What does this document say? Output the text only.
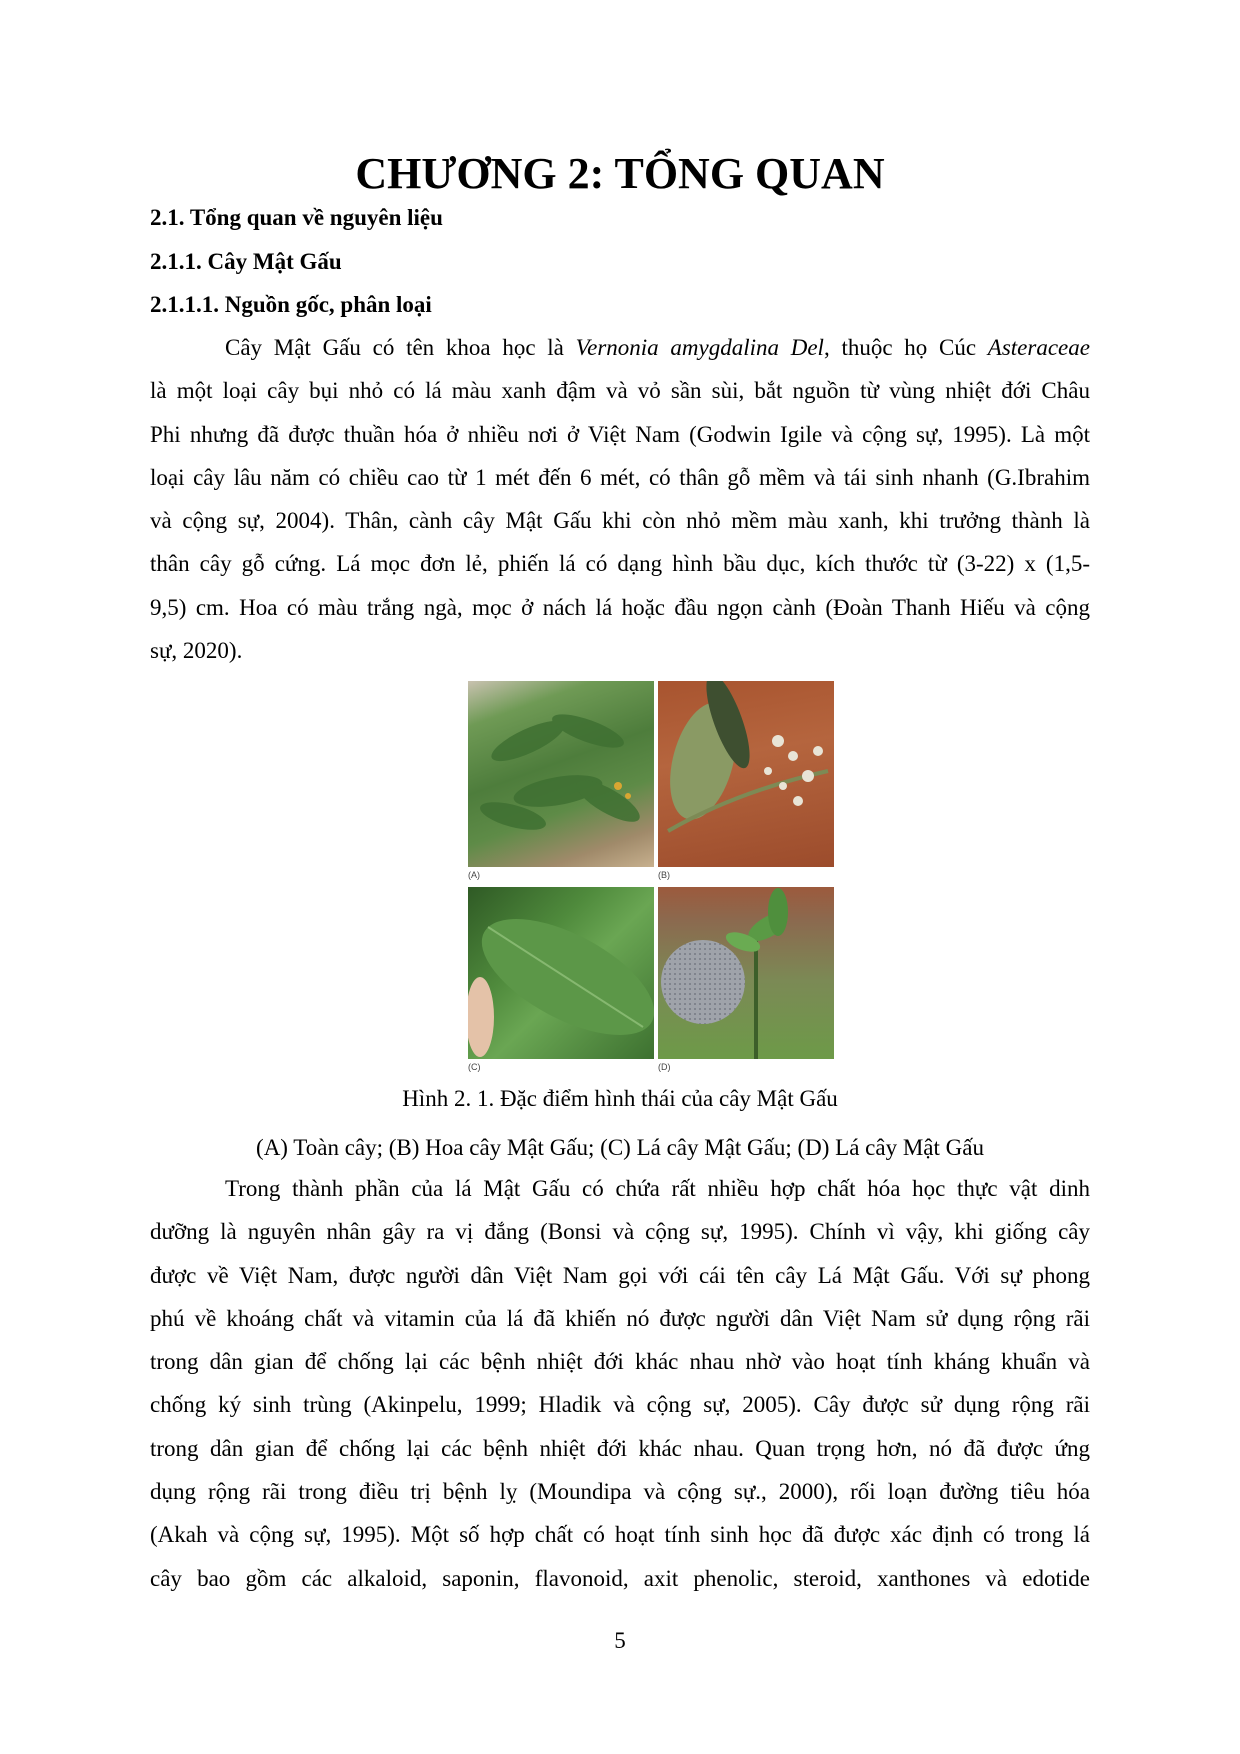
CHƯƠNG 2: TỔNG QUAN
2.1. Tổng quan về nguyên liệu
2.1.1. Cây Mật Gấu
2.1.1.1. Nguồn gốc, phân loại
Cây Mật Gấu có tên khoa học là Vernonia amygdalina Del, thuộc họ Cúc Asteraceae
là một loại cây bụi nhỏ có lá màu xanh đậm và vỏ sần sùi, bắt nguồn từ vùng nhiệt đới Châu
Phi nhưng đã được thuần hóa ở nhiều nơi ở Việt Nam (Godwin Igile và cộng sự, 1995). Là một
loại cây lâu năm có chiều cao từ 1 mét đến 6 mét, có thân gỗ mềm và tái sinh nhanh (G.Ibrahim
và cộng sự, 2004). Thân, cành cây Mật Gấu khi còn nhỏ mềm màu xanh, khi trưởng thành là
thân cây gỗ cứng. Lá mọc đơn lẻ, phiến lá có dạng hình bầu dục, kích thước từ (3-22) x (1,5-
9,5) cm. Hoa có màu trắng ngà, mọc ở nách lá hoặc đầu ngọn cành (Đoàn Thanh Hiếu và cộng
sự, 2020).
(A)	(B)
(C)	(D)
Hình 2. 1. Đặc điểm hình thái của cây Mật Gấu
(A) Toàn cây; (B) Hoa cây Mật Gấu; (C) Lá cây Mật Gấu; (D) Lá cây Mật Gấu
Trong thành phần của lá Mật Gấu có chứa rất nhiều hợp chất hóa học thực vật dinh
dưỡng là nguyên nhân gây ra vị đắng (Bonsi và cộng sự, 1995). Chính vì vậy, khi giống cây
được về Việt Nam, được người dân Việt Nam gọi với cái tên cây Lá Mật Gấu. Với sự phong
phú về khoáng chất và vitamin của lá đã khiến nó được người dân Việt Nam sử dụng rộng rãi
trong dân gian để chống lại các bệnh nhiệt đới khác nhau nhờ vào hoạt tính kháng khuẩn và
chống ký sinh trùng (Akinpelu, 1999; Hladik và cộng sự, 2005). Cây được sử dụng rộng rãi
trong dân gian để chống lại các bệnh nhiệt đới khác nhau. Quan trọng hơn, nó đã được ứng
dụng rộng rãi trong điều trị bệnh lỵ (Moundipa và cộng sự., 2000), rối loạn đường tiêu hóa
(Akah và cộng sự, 1995). Một số hợp chất có hoạt tính sinh học đã được xác định có trong lá
cây bao gồm các alkaloid, saponin, flavonoid, axit phenolic, steroid, xanthones và edotide
5
